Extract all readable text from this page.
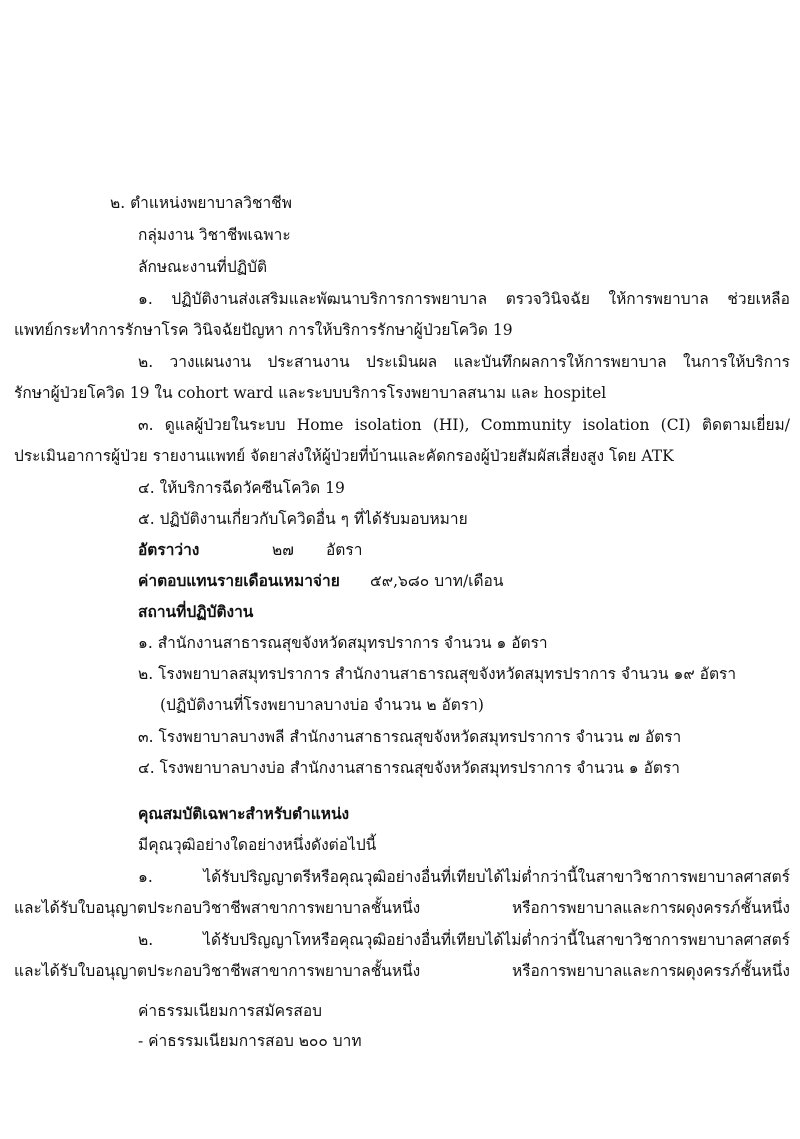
๒. ตำแหน่งพยาบาลวิชาชีพ
กลุ่มงาน วิชาชีพเฉพาะ
ลักษณะงานที่ปฏิบัติ
๑. ปฏิบัติงานส่งเสริมและพัฒนาบริการการพยาบาล ตรวจวินิจฉัย ให้การพยาบาล ช่วยเหลือ
แพทย์กระทำการรักษาโรค วินิจฉัยปัญหา การให้บริการรักษาผู้ป่วยโควิด 19
๒. วางแผนงาน ประสานงาน ประเมินผล และบันทึกผลการให้การพยาบาล ในการให้บริการ
รักษาผู้ป่วยโควิด 19 ใน cohort ward และระบบบริการโรงพยาบาลสนาม และ hospitel
๓. ดูแลผู้ป่วยในระบบ Home isolation (HI), Community isolation (CI) ติดตามเยี่ยม/
ประเมินอาการผู้ป่วย รายงานแพทย์ จัดยาส่งให้ผู้ป่วยที่บ้านและคัดกรองผู้ป่วยสัมผัสเสี่ยงสูง โดย ATK
๔. ให้บริการฉีดวัคซีนโควิด 19
๕. ปฏิบัติงานเกี่ยวกับโควิดอื่น ๆ ที่ได้รับมอบหมาย
อัตราว่าง	๒๗ อัตรา
ค่าตอบแทนรายเดือนเหมาจ่าย ๕๙,๖๘๐ บาท/เดือน
สถานที่ปฏิบัติงาน
๑. สำนักงานสาธารณสุขจังหวัดสมุทรปราการ จำนวน ๑ อัตรา
๒. โรงพยาบาลสมุทรปราการ สำนักงานสาธารณสุขจังหวัดสมุทรปราการ จำนวน ๑๙ อัตรา
(ปฏิบัติงานที่โรงพยาบาลบางบ่อ จำนวน ๒ อัตรา)
๓. โรงพยาบาลบางพลี สำนักงานสาธารณสุขจังหวัดสมุทรปราการ จำนวน ๗ อัตรา
๔. โรงพยาบาลบางบ่อ สำนักงานสาธารณสุขจังหวัดสมุทรปราการ จำนวน ๑ อัตรา
คุณสมบัติเฉพาะสำหรับตำแหน่ง
มีคุณวุฒิอย่างใดอย่างหนึ่งดังต่อไปนี้
๑. ได้รับปริญญาตรีหรือคุณวุฒิอย่างอื่นที่เทียบได้ไม่ต่ำกว่านี้ในสาขาวิชาการพยาบาลศาสตร์
และได้รับใบอนุญาตประกอบวิชาชีพสาขาการพยาบาลชั้นหนึ่ง หรือการพยาบาลและการผดุงครรภ์ชั้นหนึ่ง
๒. ได้รับปริญญาโทหรือคุณวุฒิอย่างอื่นที่เทียบได้ไม่ต่ำกว่านี้ในสาขาวิชาการพยาบาลศาสตร์
และได้รับใบอนุญาตประกอบวิชาชีพสาขาการพยาบาลชั้นหนึ่ง หรือการพยาบาลและการผดุงครรภ์ชั้นหนึ่ง
ค่าธรรมเนียมการสมัครสอบ
- ค่าธรรมเนียมการสอบ ๒๐๐ บาท
